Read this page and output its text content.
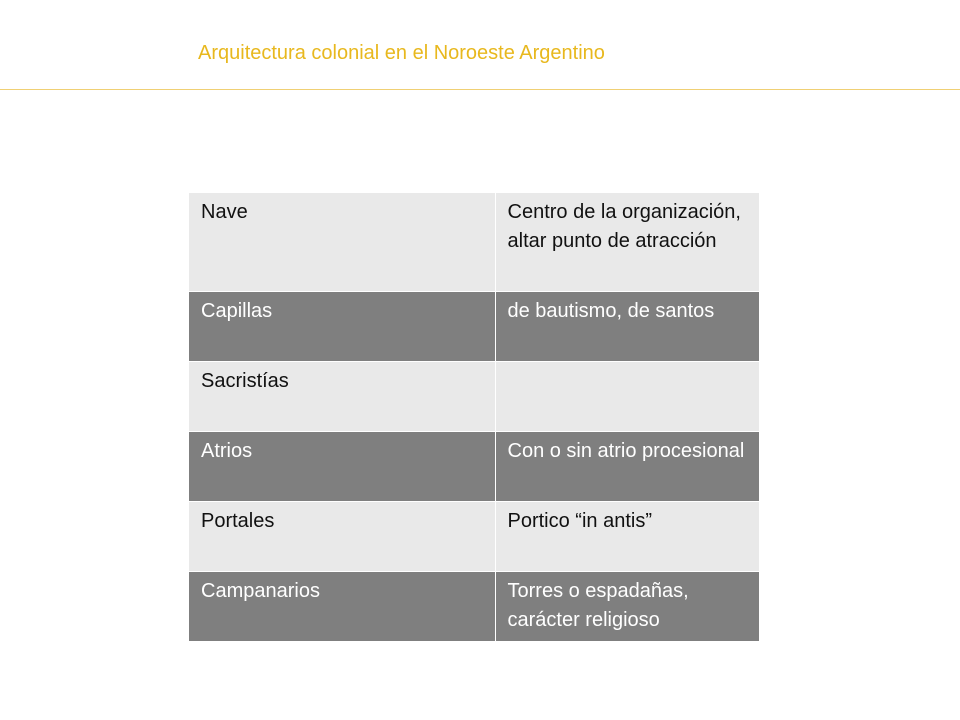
Arquitectura colonial en el Noroeste Argentino
Nave	Centro de la organización, altar punto de atracción
Capillas	de bautismo, de santos
Sacristías	
Atrios	Con o sin atrio procesional
Portales	Portico “in antis”
Campanarios	Torres o espadañas, carácter religioso
